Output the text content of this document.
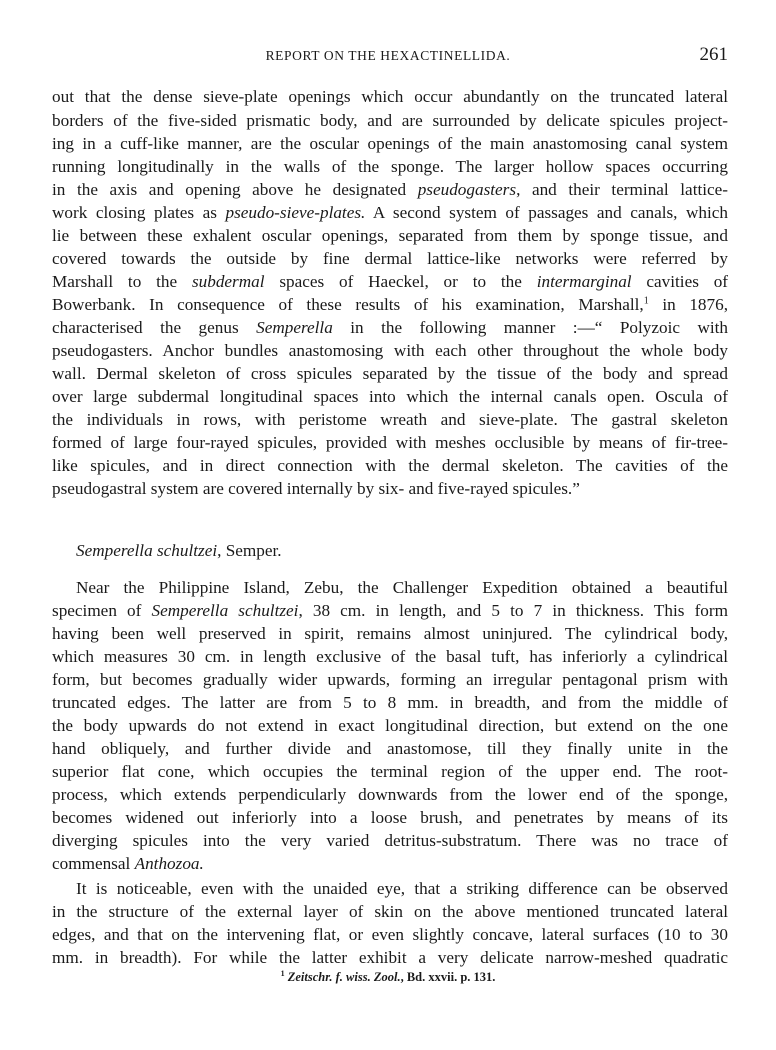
REPORT ON THE HEXACTINELLIDA.	261
out that the dense sieve-plate openings which occur abundantly on the truncated lateral
borders of the five-sided prismatic body, and are surrounded by delicate spicules project-
ing in a cuff-like manner, are the oscular openings of the main anastomosing canal system
running longitudinally in the walls of the sponge. The larger hollow spaces occurring
in the axis and opening above he designated pseudogasters, and their terminal lattice-
work closing plates as pseudo-sieve-plates. A second system of passages and canals, which
lie between these exhalent oscular openings, separated from them by sponge tissue, and
covered towards the outside by fine dermal lattice-like networks were referred by
Marshall to the subdermal spaces of Haeckel, or to the intermarginal cavities of
Bowerbank. In consequence of these results of his examination, Marshall,$^1$ in 1876,
characterised the genus Semperella in the following manner :—“ Polyzoic with
pseudogasters. Anchor bundles anastomosing with each other throughout the whole body
wall. Dermal skeleton of cross spicules separated by the tissue of the body and spread
over large subdermal longitudinal spaces into which the internal canals open. Oscula of
the individuals in rows, with peristome wreath and sieve-plate. The gastral skeleton
formed of large four-rayed spicules, provided with meshes occlusible by means of fir-tree-
like spicules, and in direct connection with the dermal skeleton. The cavities of the
pseudogastral system are covered internally by six- and five-rayed spicules.”
Semperella schultzei, Semper.
Near the Philippine Island, Zebu, the Challenger Expedition obtained a beautiful
specimen of Semperella schultzei, 38 cm. in length, and 5 to 7 in thickness. This form
having been well preserved in spirit, remains almost uninjured. The cylindrical body,
which measures 30 cm. in length exclusive of the basal tuft, has inferiorly a cylindrical
form, but becomes gradually wider upwards, forming an irregular pentagonal prism with
truncated edges. The latter are from 5 to 8 mm. in breadth, and from the middle of
the body upwards do not extend in exact longitudinal direction, but extend on the one
hand obliquely, and further divide and anastomose, till they finally unite in the
superior flat cone, which occupies the terminal region of the upper end. The root-
process, which extends perpendicularly downwards from the lower end of the sponge,
becomes widened out inferiorly into a loose brush, and penetrates by means of its
diverging spicules into the very varied detritus-substratum. There was no trace of
commensal Anthozoa.
It is noticeable, even with the unaided eye, that a striking difference can be observed
in the structure of the external layer of skin on the above mentioned truncated lateral
edges, and that on the intervening flat, or even slightly concave, lateral surfaces (10 to 30
mm. in breadth). For while the latter exhibit a very delicate narrow-meshed quadratic
$^1$ Zeitschr. f. wiss. Zool., Bd. xxvii. p. 131.
